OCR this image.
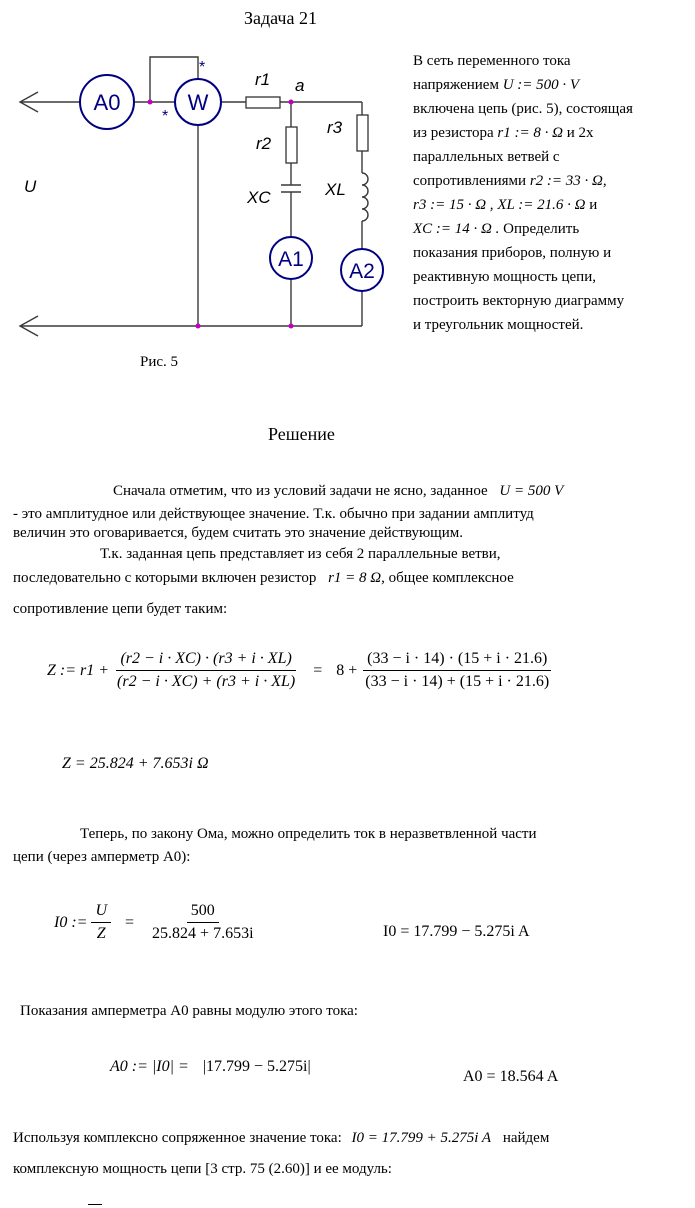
Задача 21
A0	W
A1
A2
*
*
r1 a
r2
r3
XC	XL
U
Рис. 5
В сеть переменного тока
напряжением U := 500 · V
включена цепь (рис. 5), состоящая
из резистора r1 := 8 · Ω и 2х
параллельных ветвей с
сопротивлениями r2 := 33 · Ω,
r3 := 15 · Ω , XL := 21.6 · Ω и
XC := 14 · Ω . Определить
показания приборов, полную и
реактивную мощность цепи,
построить векторную диаграмму
и треугольник мощностей.
Решение
Сначала отметим, что из условий задачи не ясно, заданное U = 500 V
- это амплитудное или действующее значение. Т.к. обычно при задании амплитуд
величин это оговаривается, будем считать это значение действующим.
Т.к. заданная цепь представляет из себя 2 параллельные ветви,
последовательно с которыми включен резистор r1 = 8 Ω, общее комплексное
сопротивление цепи будет таким:
Z := $r1 + \frac{(r2 - i \cdot XC) \cdot (r3 + i \cdot XL)}{(r2 - i \cdot XC) + (r3 + i \cdot XL)} = 8 + \frac{(33 - i \cdot 14) \cdot (15 + i \cdot 21.6)}{(33 - i \cdot 14) + (15 + i \cdot 21.6)}$
Z = 25.824 + 7.653i Ω
Теперь, по закону Ома, можно определить ток в неразветвленной части
цепи (через амперметр A0):
I0 := $\frac{U}{Z} = \frac{500}{25.824 + 7.653i}$	I0 = 17.799 − 5.275i A
Показания амперметра A0 равны модулю этого тока:
A0 := |I0| = |17.799 − 5.275i|
A0 = 18.564 A
Используя комплексно сопряженное значение тока: I0 = 17.799 + 5.275i A найдем
комплексную мощность цепи [3 стр. 75 (2.60)] и ее модуль:
